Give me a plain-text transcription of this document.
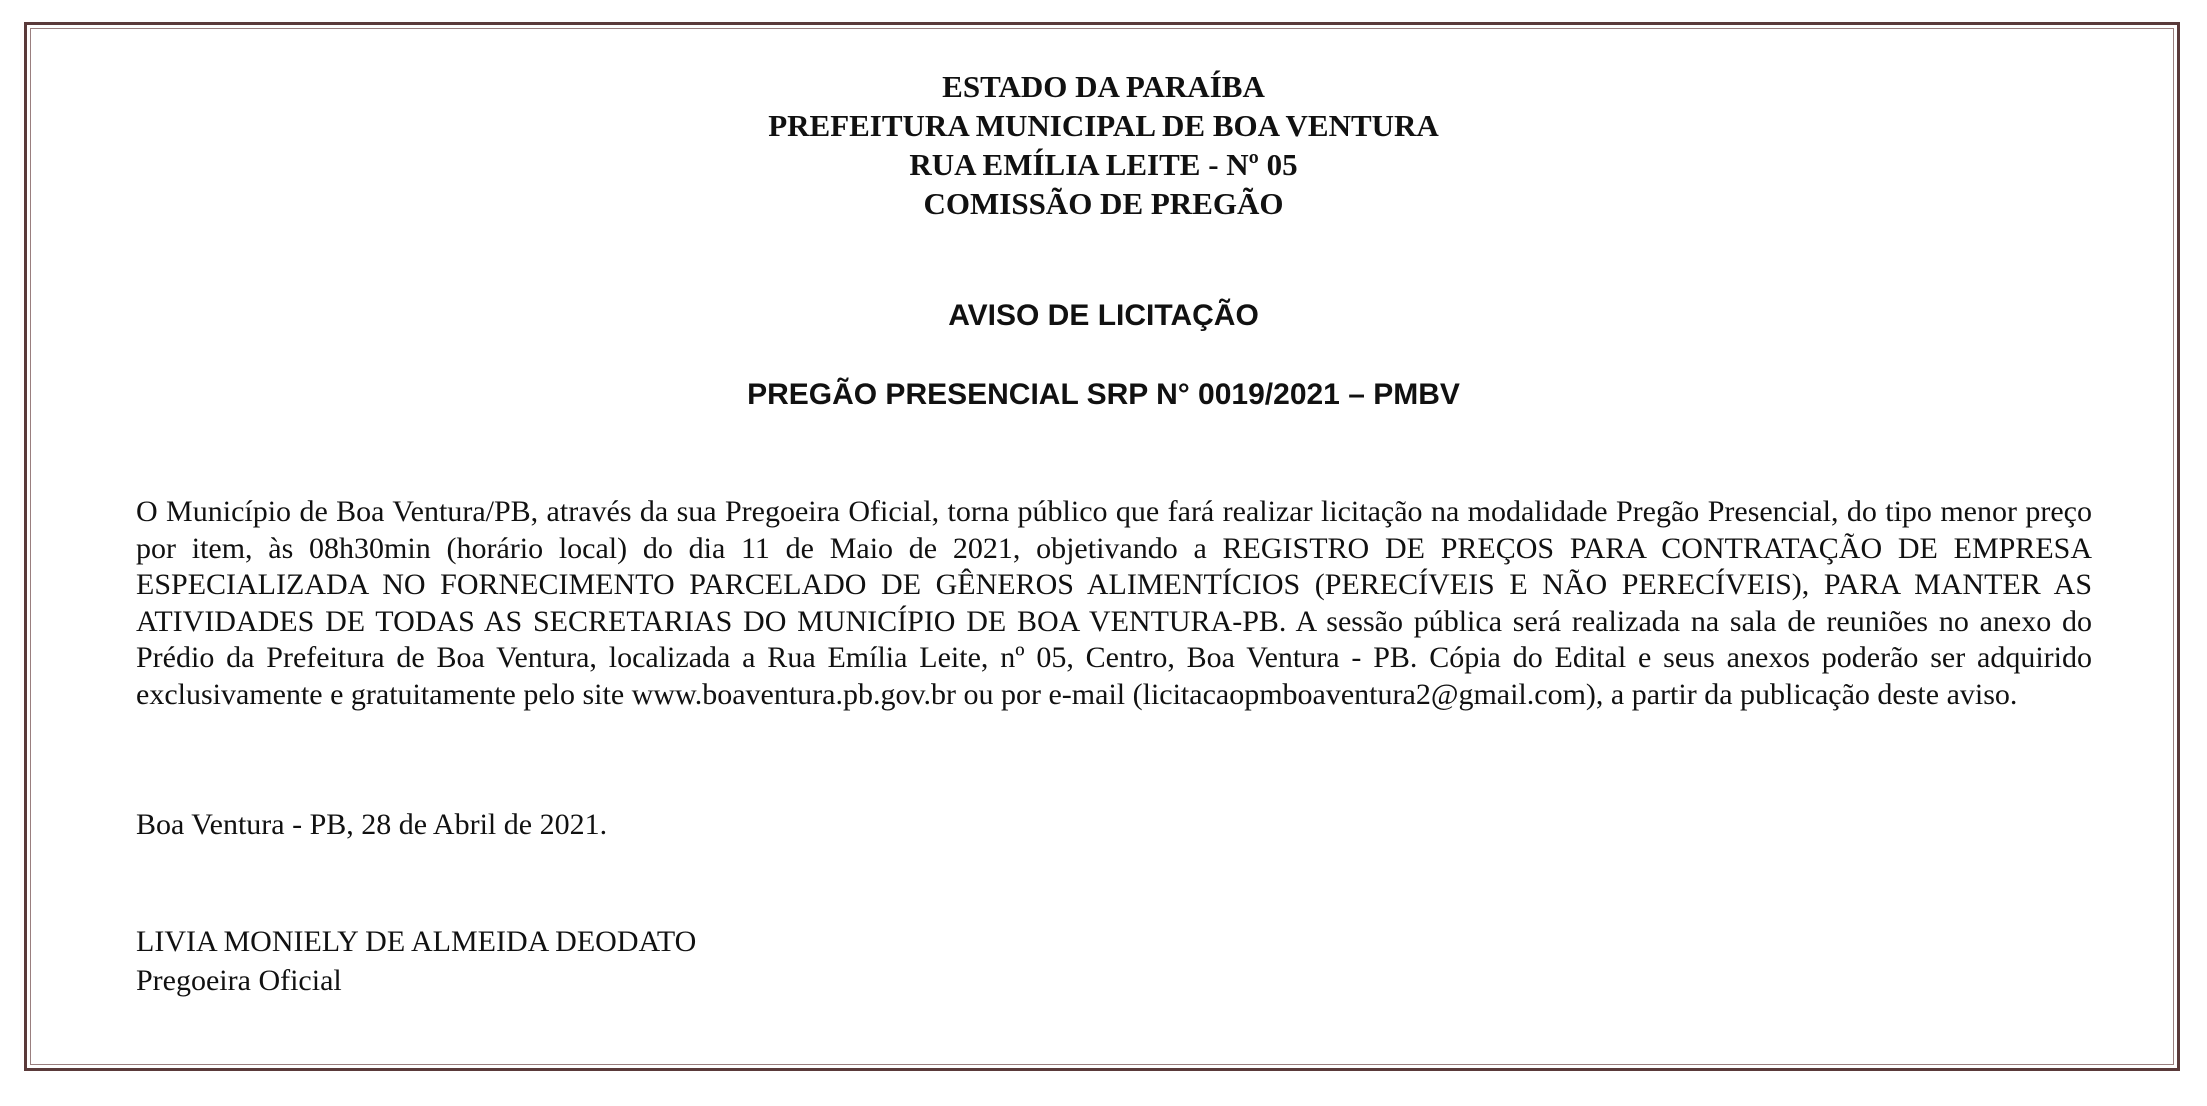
ESTADO DA PARAÍBA
PREFEITURA MUNICIPAL DE BOA VENTURA
RUA EMÍLIA LEITE - Nº 05
COMISSÃO DE PREGÃO
AVISO DE LICITAÇÃO
PREGÃO PRESENCIAL SRP N° 0019/2021 – PMBV
O Município de Boa Ventura/PB, através da sua Pregoeira Oficial, torna público que fará realizar licitação na modalidade Pregão Presencial, do tipo menor preço por item, às 08h30min (horário local) do dia 11 de Maio de 2021, objetivando a REGISTRO DE PREÇOS PARA CONTRATAÇÃO DE EMPRESA ESPECIALIZADA NO FORNECIMENTO PARCELADO DE GÊNEROS ALIMENTÍCIOS (PERECÍVEIS E NÃO PERECÍVEIS), PARA MANTER AS ATIVIDADES DE TODAS AS SECRETARIAS DO MUNICÍPIO DE BOA VENTURA-PB. A sessão pública será realizada na sala de reuniões no anexo do Prédio da Prefeitura de Boa Ventura, localizada a Rua Emília Leite, nº 05, Centro, Boa Ventura - PB. Cópia do Edital e seus anexos poderão ser adquirido exclusivamente e gratuitamente pelo site www.boaventura.pb.gov.br ou por e-mail (licitacaopmboaventura2@gmail.com), a partir da publicação deste aviso.
Boa Ventura - PB, 28 de Abril de 2021.
LIVIA MONIELY DE ALMEIDA DEODATO
Pregoeira Oficial
